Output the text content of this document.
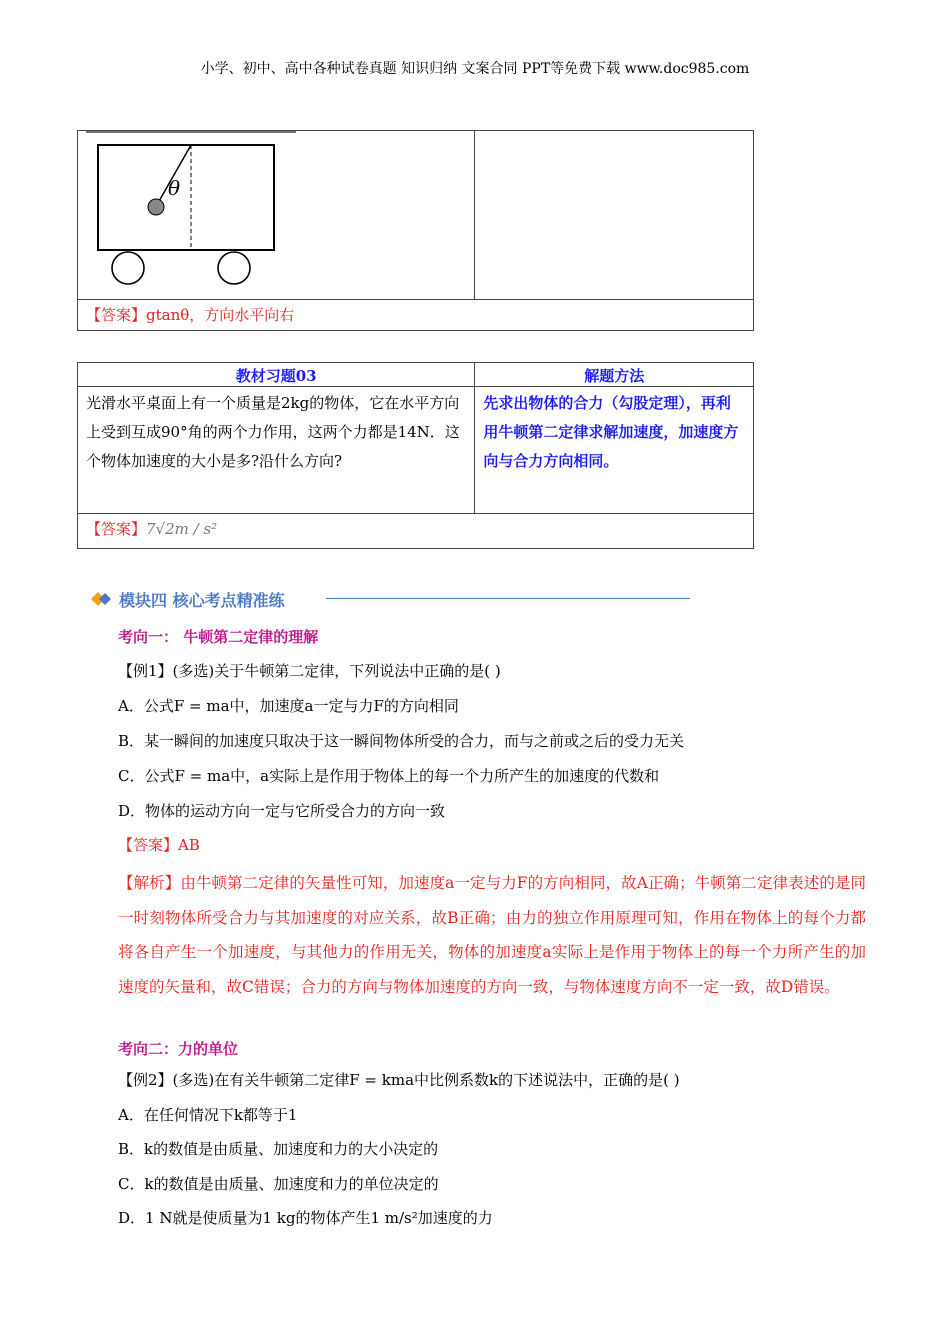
小学、初中、高中各种试卷真题 知识归纳 文案合同 PPT等免费下载 www.doc985.com
θ

【答案】gtanθ，方向水平向右
教材习题03	解题方法
光滑水平桌面上有一个质量是2kg的物体，它在水平方向上受到互成90°角的两个力作用，这两个力都是14N．这个物体加速度的大小是多?沿什么方向?	先求出物体的合力（勾股定理），再利用牛顿第二定律求解加速度，加速度方向与合力方向相同。
【答案】7√2m / s²	
模块四 核心考点精准练
考向一： 牛顿第二定律的理解
【例1】(多选)关于牛顿第二定律，下列说法中正确的是( )
A．公式F = ma中，加速度a一定与力F的方向相同
B．某一瞬间的加速度只取决于这一瞬间物体所受的合力，而与之前或之后的受力无关
C．公式F = ma中，a实际上是作用于物体上的每一个力所产生的加速度的代数和
D．物体的运动方向一定与它所受合力的方向一致
【答案】AB
【解析】由牛顿第二定律的矢量性可知，加速度a一定与力F的方向相同，故A正确；牛顿第二定律表述的是同一时刻物体所受合力与其加速度的对应关系，故B正确；由力的独立作用原理可知，作用在物体上的每个力都将各自产生一个加速度，与其他力的作用无关，物体的加速度a实际上是作用于物体上的每一个力所产生的加速度的矢量和，故C错误；合力的方向与物体加速度的方向一致，与物体速度方向不一定一致，故D错误。
考向二：力的单位
【例2】(多选)在有关牛顿第二定律F = kma中比例系数k的下述说法中，正确的是( )
A．在任何情况下k都等于1
B．k的数值是由质量、加速度和力的大小决定的
C．k的数值是由质量、加速度和力的单位决定的
D．1 N就是使质量为1 kg的物体产生1 m/s²加速度的力
